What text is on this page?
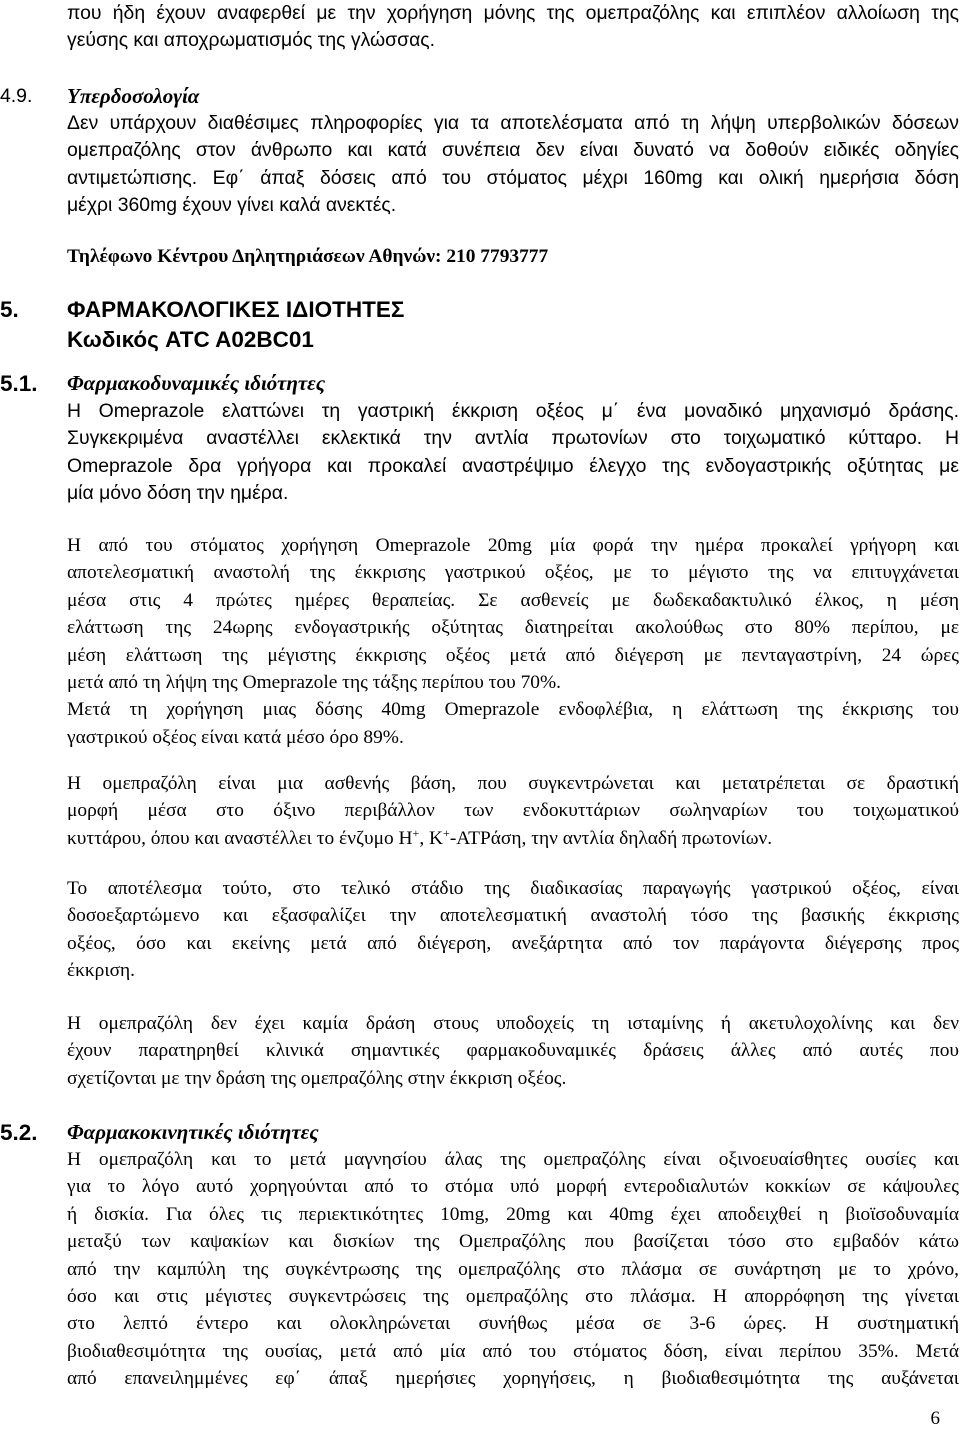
που ήδη έχουν αναφερθεί με την χορήγηση μόνης της ομεπραζόλης και επιπλέον αλλοίωση της
γεύσης και αποχρωματισμός της γλώσσας.
4.9.	Υπερδοσολογία
Δεν υπάρχουν διαθέσιμες πληροφορίες για τα αποτελέσματα από τη λήψη υπερβολικών δόσεων
ομεπραζόλης στον άνθρωπο και κατά συνέπεια δεν είναι δυνατό να δοθούν ειδικές οδηγίες
αντιμετώπισης. Εφ΄ άπαξ δόσεις από του στόματος μέχρι 160mg και ολική ημερήσια δόση
μέχρι 360mg έχουν γίνει καλά ανεκτές.
Τηλέφωνο Κέντρου Δηλητηριάσεων Αθηνών: 210 7793777
5.	ΦΑΡΜΑΚΟΛΟΓΙΚΕΣ ΙΔΙΟΤΗΤΕΣ
Κωδικός ATC A02BC01
5.1.	Φαρμακοδυναμικές ιδιότητες
Η Omeprazole ελαττώνει τη γαστρική έκκριση οξέος μ΄ ένα μοναδικό μηχανισμό δράσης.
Συγκεκριμένα αναστέλλει εκλεκτικά την αντλία πρωτονίων στο τοιχωματικό κύτταρο. Η
Omeprazole δρα γρήγορα και προκαλεί αναστρέψιμο έλεγχο της ενδογαστρικής οξύτητας με
μία μόνο δόση την ημέρα.
Η από του στόματος χορήγηση Omeprazole 20mg μία φορά την ημέρα προκαλεί γρήγορη και
αποτελεσματική αναστολή της έκκρισης γαστρικού οξέος, με το μέγιστο της να επιτυγχάνεται
μέσα στις 4 πρώτες ημέρες θεραπείας. Σε ασθενείς με δωδεκαδακτυλικό έλκος, η μέση
ελάττωση της 24ωρης ενδογαστρικής οξύτητας διατηρείται ακολούθως στο 80% περίπου, με
μέση ελάττωση της μέγιστης έκκρισης οξέος μετά από διέγερση με πενταγαστρίνη, 24 ώρες
μετά από τη λήψη της Omeprazole της τάξης περίπου του 70%.
Μετά τη χορήγηση μιας δόσης 40mg Omeprazole ενδοφλέβια, η ελάττωση της έκκρισης του
γαστρικού οξέος είναι κατά μέσο όρο 89%.
Η ομεπραζόλη είναι μια ασθενής βάση, που συγκεντρώνεται και μετατρέπεται σε δραστική
μορφή μέσα στο όξινο περιβάλλον των ενδοκυττάριων σωληναρίων του τοιχωματικού
κυττάρου, όπου και αναστέλλει το ένζυμο Η+, Κ+-ATPάση, την αντλία δηλαδή πρωτονίων.
Το αποτέλεσμα τούτο, στο τελικό στάδιο της διαδικασίας παραγωγής γαστρικού οξέος, είναι
δοσοεξαρτώμενο και εξασφαλίζει την αποτελεσματική αναστολή τόσο της βασικής έκκρισης
οξέος, όσο και εκείνης μετά από διέγερση, ανεξάρτητα από τον παράγοντα διέγερσης προς
έκκριση.
Η ομεπραζόλη δεν έχει καμία δράση στους υποδοχείς τη ισταμίνης ή ακετυλοχολίνης και δεν
έχουν παρατηρηθεί κλινικά σημαντικές φαρμακοδυναμικές δράσεις άλλες από αυτές που
σχετίζονται με την δράση της ομεπραζόλης στην έκκριση οξέος.
5.2.	Φαρμακοκινητικές ιδιότητες
Η ομεπραζόλη και το μετά μαγνησίου άλας της ομεπραζόλης είναι οξινοευαίσθητες ουσίες και
για το λόγο αυτό χορηγούνται από το στόμα υπό μορφή εντεροδιαλυτών κοκκίων σε κάψουλες
ή δισκία. Για όλες τις περιεκτικότητες 10mg, 20mg και 40mg έχει αποδειχθεί η βιοϊσοδυναμία
μεταξύ των καψακίων και δισκίων της Ομεπραζόλης που βασίζεται τόσο στο εμβαδόν κάτω
από την καμπύλη της συγκέντρωσης της ομεπραζόλης στο πλάσμα σε συνάρτηση με το χρόνο,
όσο και στις μέγιστες συγκεντρώσεις της ομεπραζόλης στο πλάσμα. Η απορρόφηση της γίνεται
στο λεπτό έντερο και ολοκληρώνεται συνήθως μέσα σε 3-6 ώρες. Η συστηματική
βιοδιαθεσιμότητα της ουσίας, μετά από μία από του στόματος δόση, είναι περίπου 35%. Μετά
από επανειλημμένες εφ΄ άπαξ ημερήσιες χορηγήσεις, η βιοδιαθεσιμότητα της αυξάνεται
6
